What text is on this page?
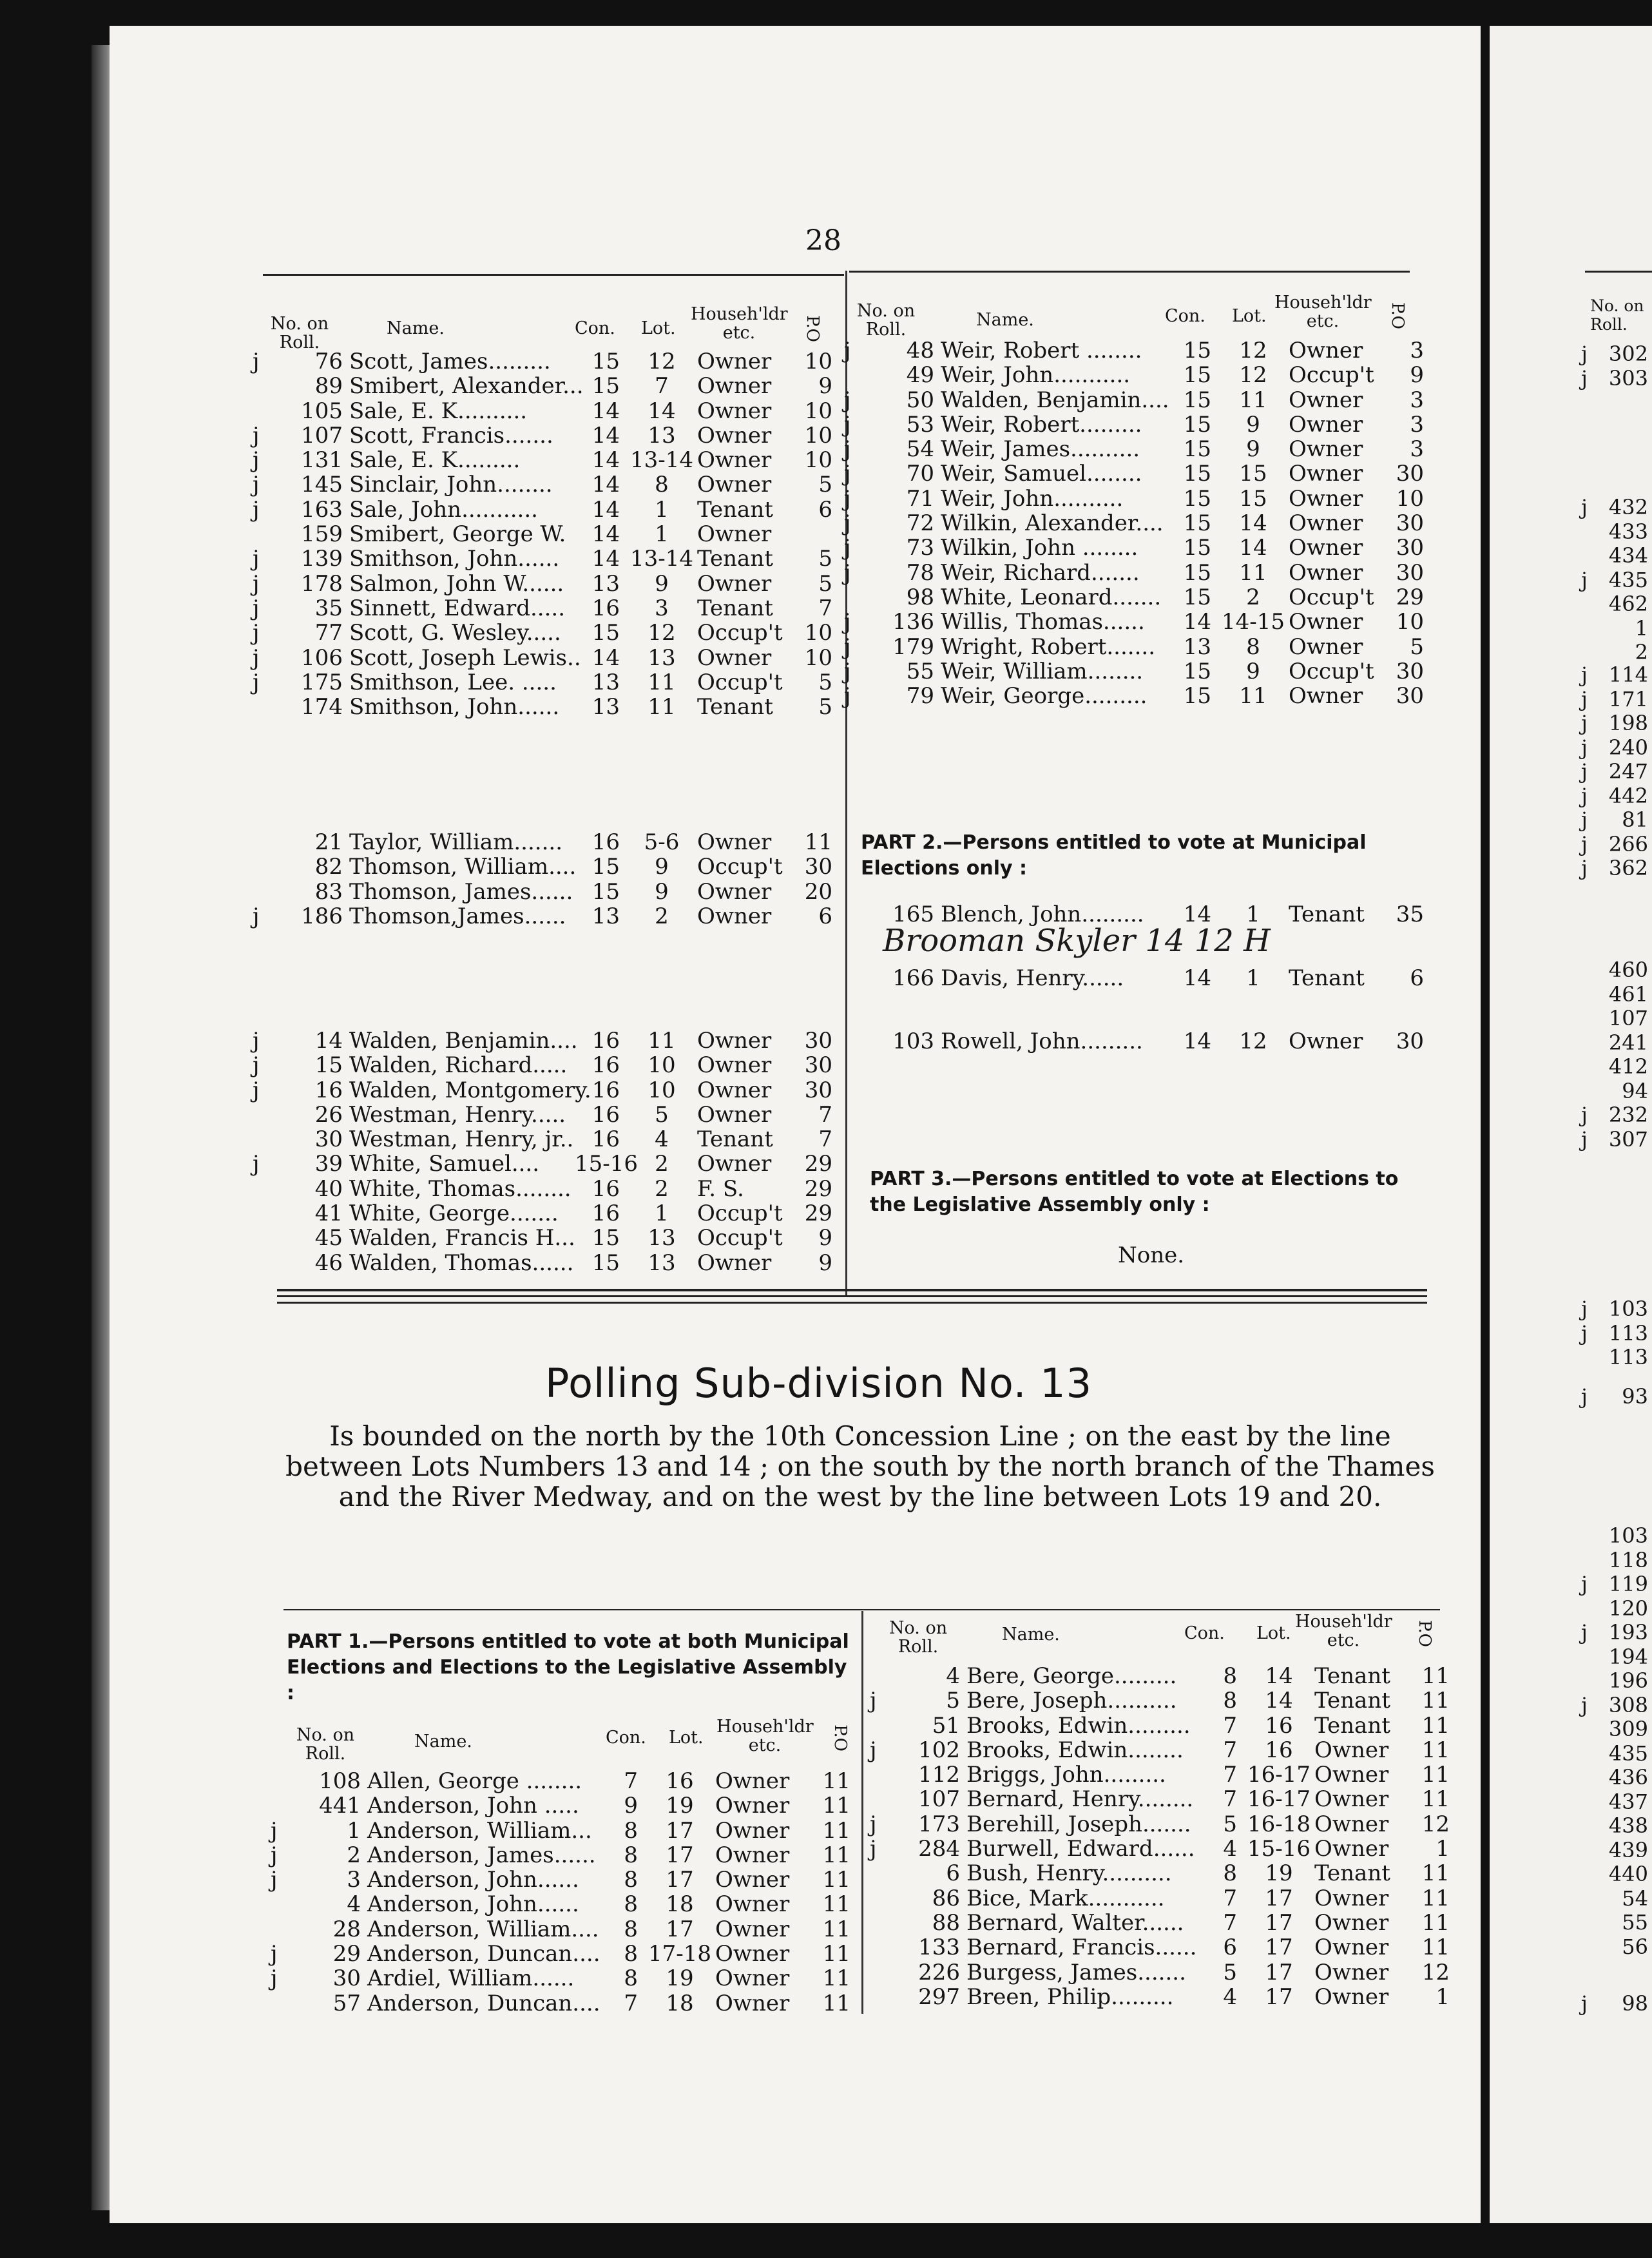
28
No. on Roll.
Name.	Con. Lot.
Househ'ldr etc.	P.O
No. on Roll.	Name.	Con. Lot.
Househ'ldr etc.	P.O
j	76 Scott, James.........	15	12 Owner	10
89 Smibert, Alexander... 15	7	Owner	9
105 Sale, E. K..........	14	14 Owner	10
j	107 Scott, Francis.......	14	13 Owner	10
j	131 Sale, E. K.........	14 13-14 Owner	10
j	145 Sinclair, John........	14	8	Owner	5
j	163 Sale, John...........	14	1	Tenant	6
159 Smibert, George W.	14	1	Owner
j	139 Smithson, John......	14 13-14 Tenant	5
j	178 Salmon, John W......	13	9	Owner	5
j	35 Sinnett, Edward.....	16	3	Tenant	7
j	77 Scott, G. Wesley.....	15	12 Occup't	10
j	106 Scott, Joseph Lewis.. 14	13 Owner	10
j	175 Smithson, Lee. .....	13	11 Occup't	5
174 Smithson, John......	13	11 Tenant	5
21 Taylor, William.......	16	5-6 Owner	11
82 Thomson, William.... 15	9	Occup't	30
83 Thomson, James...... 15	9	Owner	20
j	186 Thomson,James......	13	2	Owner	6
j	14 Walden, Benjamin.... 16	11 Owner	30
j	15 Walden, Richard.....	16	10 Owner	30
j	16 Walden, Montgomery. 16	10 Owner	30
26 Westman, Henry.....	16	5	Owner	7
30 Westman, Henry, jr.. 16	4	Tenant	7
j	39 White, Samuel....	15-16 2	Owner	29
40 White, Thomas........ 16	2	F. S.	29
41 White, George.......	16	1	Occup't	29
45 Walden, Francis H... 15	13 Occup't	9
46 Walden, Thomas...... 15	13 Owner	9
j	48 Weir, Robert ........	15	12 Owner	3
49 Weir, John...........	15	12 Occup't	9
j	50 Walden, Benjamin.... 15	11 Owner	3
j	53 Weir, Robert.........	15	9	Owner	3
j	54 Weir, James..........	15	9	Owner	3
j	70 Weir, Samuel........	15	15 Owner	30
j	71 Weir, John..........	15	15 Owner	10
j	72 Wilkin, Alexander.... 15	14 Owner	30
j	73 Wilkin, John ........	15	14 Owner	30
j	78 Weir, Richard.......	15	11 Owner	30
98 White, Leonard.......	15	2	Occup't	29
j	136 Willis, Thomas......	14 14-15 Owner	10
j	179 Wright, Robert.......	13	8	Owner	5
j	55 Weir, William........	15	9	Occup't	30
j	79 Weir, George.........	15	11 Owner	30
PART 2.—Persons entitled to vote at Municipal Elections only :
165 Blench, John.........	14	1	Tenant	35
Brooman Skyler 14 12 H
166 Davis, Henry......	14	1	Tenant	6
103 Rowell, John.........	14	12 Owner	30
PART 3.—Persons entitled to vote at Elections to the Legislative Assembly only :
None.
Polling Sub-division No. 13
Is bounded on the north by the 10th Concession Line ; on the east by the line between Lots Numbers 13 and 14 ; on the south by the north branch of the Thames and the River Medway, and on the west by the line between Lots 19 and 20.
PART 1.—Persons entitled to vote at both Municipal Elections and Elections to the Legislative Assembly :
No. on Roll.
Name.	Con. Lot.
Househ'ldr etc.	P.O
No. on Roll.
Name.	Con. Lot.
Househ'ldr etc.	P.O
108 Allen, George ........	7	16 Owner	11
441 Anderson, John .....	9	19 Owner	11
j	1 Anderson, William...	8	17 Owner	11
j	2 Anderson, James......	8	17 Owner	11
j	3 Anderson, John......	8	17 Owner	11
4 Anderson, John......	8	18 Owner	11
28 Anderson, William....	8	17 Owner	11
j	29 Anderson, Duncan....	8 17-18 Owner	11
j	30 Ardiel, William......	8	19 Owner	11
57 Anderson, Duncan....	7	18 Owner	11
4 Bere, George.........	8	14 Tenant	11
j	5 Bere, Joseph..........	8	14 Tenant	11
51 Brooks, Edwin.........	7	16 Tenant	11
j	102 Brooks, Edwin........	7	16 Owner	11
112 Briggs, John.........	7 16-17 Owner	11
107 Bernard, Henry........	7 16-17 Owner	11
j	173 Berehill, Joseph.......	5 16-18 Owner	12
j	284 Burwell, Edward......	4 15-16 Owner	1
6 Bush, Henry..........	8	19 Tenant	11
86 Bice, Mark...........	7	17 Owner	11
88 Bernard, Walter......	7	17 Owner	11
133 Bernard, Francis......	6	17 Owner	11
226 Burgess, James.......	5	17 Owner	12
297 Breen, Philip.........	4	17 Owner	1
No. on Roll.
j	302
j	303
j	432
433
434
j	435
462
1
2
j	114
j	171
j	198
j	240
j	247
j	442
j	81
j	266
j	362
460
461
107
241
412
94
j	232
j	307
j	103
j	113
113
j	93
103
118
j	119
120
j	193
194
196
j	308
309
435
436
437
438
439
440
54
55
56
j	98
